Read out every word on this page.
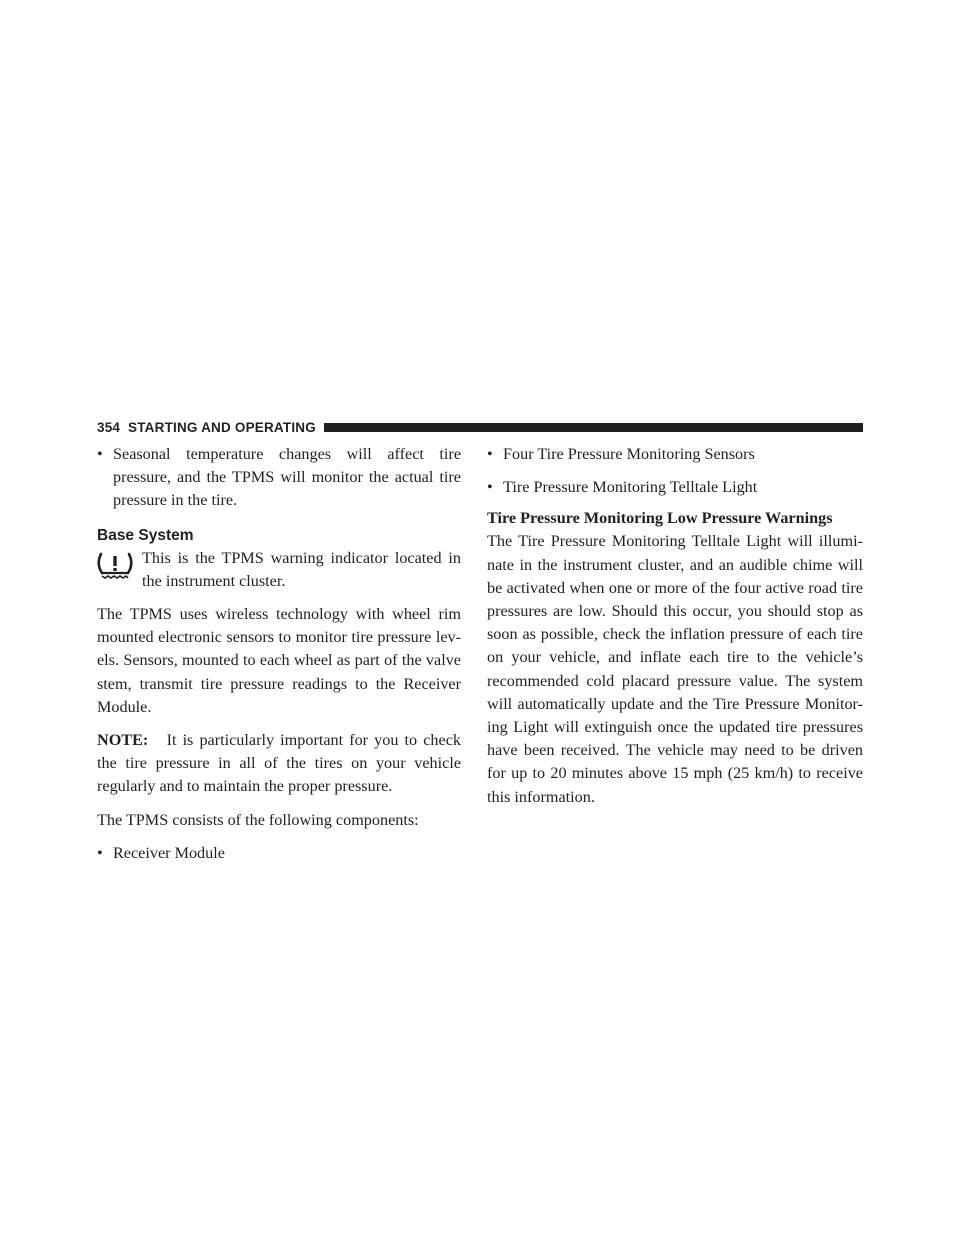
354 STARTING AND OPERATING
• Seasonal temperature changes will affect tire pressure, and the TPMS will monitor the actual tire pressure in the tire.
Base System

This is the TPMS warning indicator located in the instrument cluster.

The TPMS uses wireless technology with wheel rim mounted electronic sensors to monitor tire pressure lev- els. Sensors, mounted to each wheel as part of the valve stem, transmit tire pressure readings to the Receiver Module.

NOTE: It is particularly important for you to check the tire pressure in all of the tires on your vehicle regularly and to maintain the proper pressure.

The TPMS consists of the following components:

• Receiver Module
• Four Tire Pressure Monitoring Sensors
• Tire Pressure Monitoring Telltale Light
Tire Pressure Monitoring Low Pressure Warnings

The Tire Pressure Monitoring Telltale Light will illumi- nate in the instrument cluster, and an audible chime will be activated when one or more of the four active road tire pressures are low. Should this occur, you should stop as soon as possible, check the inflation pressure of each tire on your vehicle, and inflate each tire to the vehicle’s recommended cold placard pressure value. The system will automatically update and the Tire Pressure Monitor- ing Light will extinguish once the updated tire pressures have been received. The vehicle may need to be driven for up to 20 minutes above 15 mph (25 km/h) to receive this information.
